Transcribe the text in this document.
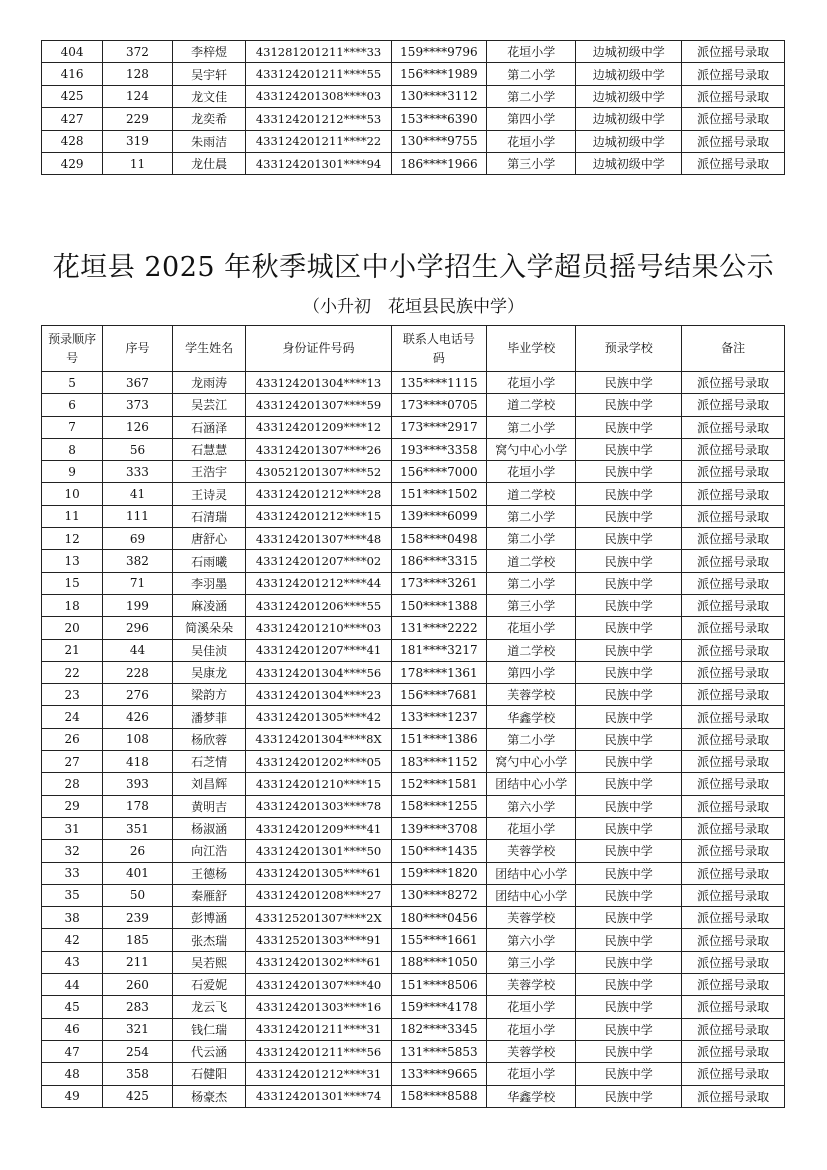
404	372	李梓煜	431281201211****33	159****9796	花垣小学	边城初级中学	派位摇号录取
416	128	吴宇轩	433124201211****55	156****1989	第二小学	边城初级中学	派位摇号录取
425	124	龙文佳	433124201308****03	130****3112	第二小学	边城初级中学	派位摇号录取
427	229	龙奕希	433124201212****53	153****6390	第四小学	边城初级中学	派位摇号录取
428	319	朱雨洁	433124201211****22	130****9755	花垣小学	边城初级中学	派位摇号录取
429	11	龙仕晨	433124201301****94	186****1966	第三小学	边城初级中学	派位摇号录取
花垣县 2025 年秋季城区中小学招生入学超员摇号结果公示
（小升初　花垣县民族中学）
预录顺序号	序号	学生姓名	身份证件号码	联系人电话号码	毕业学校	预录学校	备注
5	367	龙雨涛	433124201304****13	135****1115	花垣小学	民族中学	派位摇号录取
6	373	吴芸江	433124201307****59	173****0705	道二学校	民族中学	派位摇号录取
7	126	石涵泽	433124201209****12	173****2917	第二小学	民族中学	派位摇号录取
8	56	石慧慧	433124201307****26	193****3358	窝勺中心小学	民族中学	派位摇号录取
9	333	王浩宇	430521201307****52	156****7000	花垣小学	民族中学	派位摇号录取
10	41	王诗灵	433124201212****28	151****1502	道二学校	民族中学	派位摇号录取
11	111	石清瑞	433124201212****15	139****6099	第二小学	民族中学	派位摇号录取
12	69	唐舒心	433124201307****48	158****0498	第二小学	民族中学	派位摇号录取
13	382	石雨曦	433124201207****02	186****3315	道二学校	民族中学	派位摇号录取
15	71	李羽墨	433124201212****44	173****3261	第二小学	民族中学	派位摇号录取
18	199	麻凌涵	433124201206****55	150****1388	第三小学	民族中学	派位摇号录取
20	296	简溪朵朵	433124201210****03	131****2222	花垣小学	民族中学	派位摇号录取
21	44	吴佳浈	433124201207****41	181****3217	道二学校	民族中学	派位摇号录取
22	228	吴康龙	433124201304****56	178****1361	第四小学	民族中学	派位摇号录取
23	276	梁韵方	433124201304****23	156****7681	芙蓉学校	民族中学	派位摇号录取
24	426	潘梦菲	433124201305****42	133****1237	华鑫学校	民族中学	派位摇号录取
26	108	杨欣蓉	433124201304****8X	151****1386	第二小学	民族中学	派位摇号录取
27	418	石芝情	433124201202****05	183****1152	窝勺中心小学	民族中学	派位摇号录取
28	393	刘昌辉	433124201210****15	152****1581	团结中心小学	民族中学	派位摇号录取
29	178	黄明吉	433124201303****78	158****1255	第六小学	民族中学	派位摇号录取
31	351	杨淑涵	433124201209****41	139****3708	花垣小学	民族中学	派位摇号录取
32	26	向江浩	433124201301****50	150****1435	芙蓉学校	民族中学	派位摇号录取
33	401	王德杨	433124201305****61	159****1820	团结中心小学	民族中学	派位摇号录取
35	50	秦雁舒	433124201208****27	130****8272	团结中心小学	民族中学	派位摇号录取
38	239	彭博涵	433125201307****2X	180****0456	芙蓉学校	民族中学	派位摇号录取
42	185	张杰瑞	433125201303****91	155****1661	第六小学	民族中学	派位摇号录取
43	211	吴若熙	433124201302****61	188****1050	第三小学	民族中学	派位摇号录取
44	260	石爱妮	433124201307****40	151****8506	芙蓉学校	民族中学	派位摇号录取
45	283	龙云飞	433124201303****16	159****4178	花垣小学	民族中学	派位摇号录取
46	321	钱仁瑞	433124201211****31	182****3345	花垣小学	民族中学	派位摇号录取
47	254	代云涵	433124201211****56	131****5853	芙蓉学校	民族中学	派位摇号录取
48	358	石健阳	433124201212****31	133****9665	花垣小学	民族中学	派位摇号录取
49	425	杨豪杰	433124201301****74	158****8588	华鑫学校	民族中学	派位摇号录取
